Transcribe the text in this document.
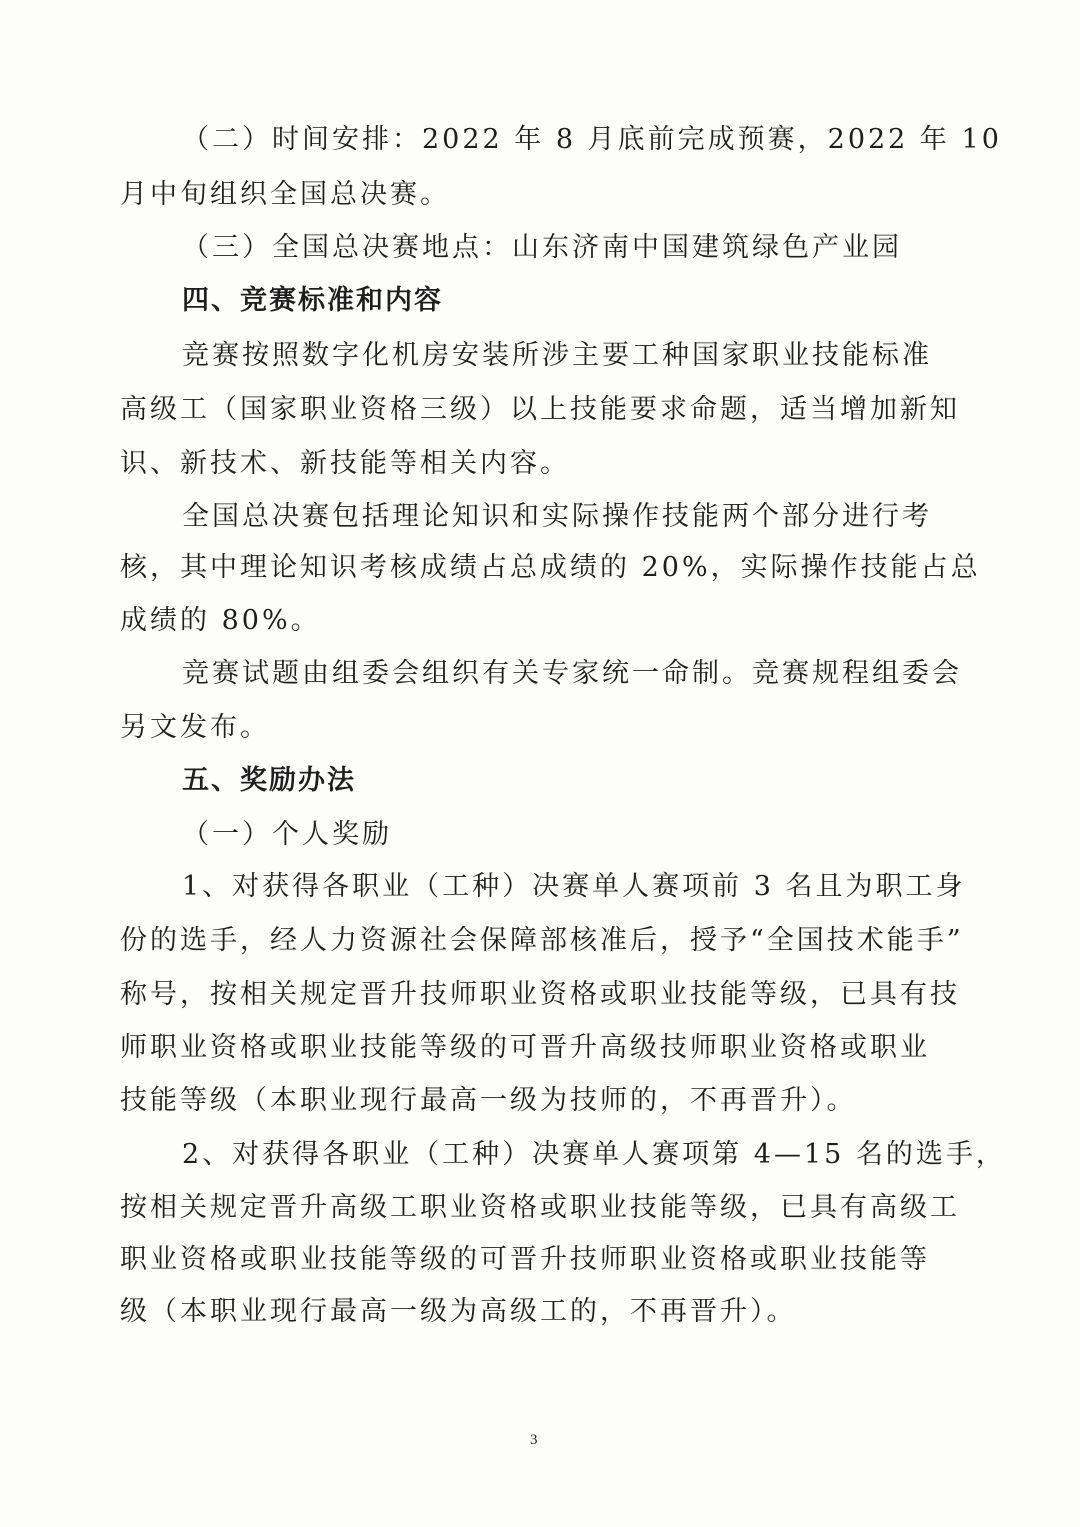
（二）时间安排：2022 年 8 月底前完成预赛，2022 年 10
月中旬组织全国总决赛。
（三）全国总决赛地点：山东济南中国建筑绿色产业园
四、竞赛标准和内容
竞赛按照数字化机房安装所涉主要工种国家职业技能标准
高级工（国家职业资格三级）以上技能要求命题，适当增加新知
识、新技术、新技能等相关内容。
全国总决赛包括理论知识和实际操作技能两个部分进行考
核，其中理论知识考核成绩占总成绩的 20%，实际操作技能占总
成绩的 80%。
竞赛试题由组委会组织有关专家统一命制。竞赛规程组委会
另文发布。
五、奖励办法
（一）个人奖励
1、对获得各职业（工种）决赛单人赛项前 3 名且为职工身
份的选手，经人力资源社会保障部核准后，授予“全国技术能手”
称号，按相关规定晋升技师职业资格或职业技能等级，已具有技
师职业资格或职业技能等级的可晋升高级技师职业资格或职业
技能等级（本职业现行最高一级为技师的，不再晋升）。
2、对获得各职业（工种）决赛单人赛项第 4—15 名的选手，
按相关规定晋升高级工职业资格或职业技能等级，已具有高级工
职业资格或职业技能等级的可晋升技师职业资格或职业技能等
级（本职业现行最高一级为高级工的，不再晋升）。
3
